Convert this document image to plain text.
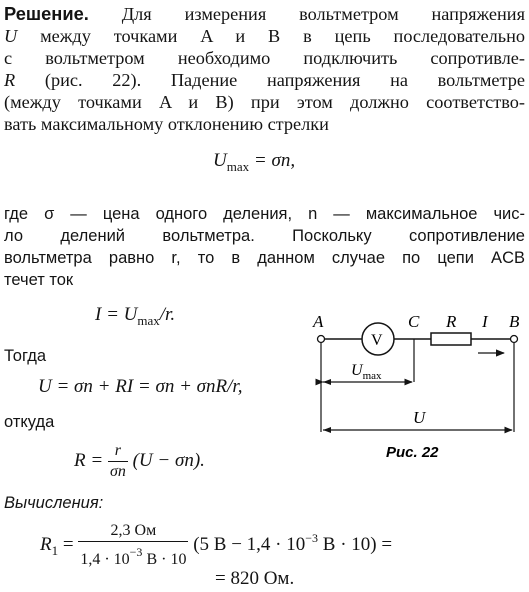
Решение. Для измерения вольтметром напряжения
U между точками A и B в цепь последовательно
с вольтметром необходимо подключить сопротивле-
R (рис. 22). Падение напряжения на вольтметре
(между точками A и B) при этом должно соответство-
вать максимальному отклонению стрелки
$U_{max} = \sigma n$,
где σ — цена одного деления, n — максимальное чис-
ло делений вольтметра. Поскольку сопротивление
вольтметра равно r, то в данном случае по цепи ACB
течет ток
$I = U_{max}/r$.
Тогда
U = σn + RI = σn + σnR/r,
откуда
$R = \frac{r}{\sigma n} (U - \sigma n)$.
Вычисления:
$R_1 = \frac{2,3 Ом}{1,4 \cdot 10^{-3} В \cdot 10} (5$ $В - 1,4 \cdot 10^{-3}$ В · 10) =
= 820 Ом.
A
V
C R I B
$U_{max}$
U
Рис. 22
